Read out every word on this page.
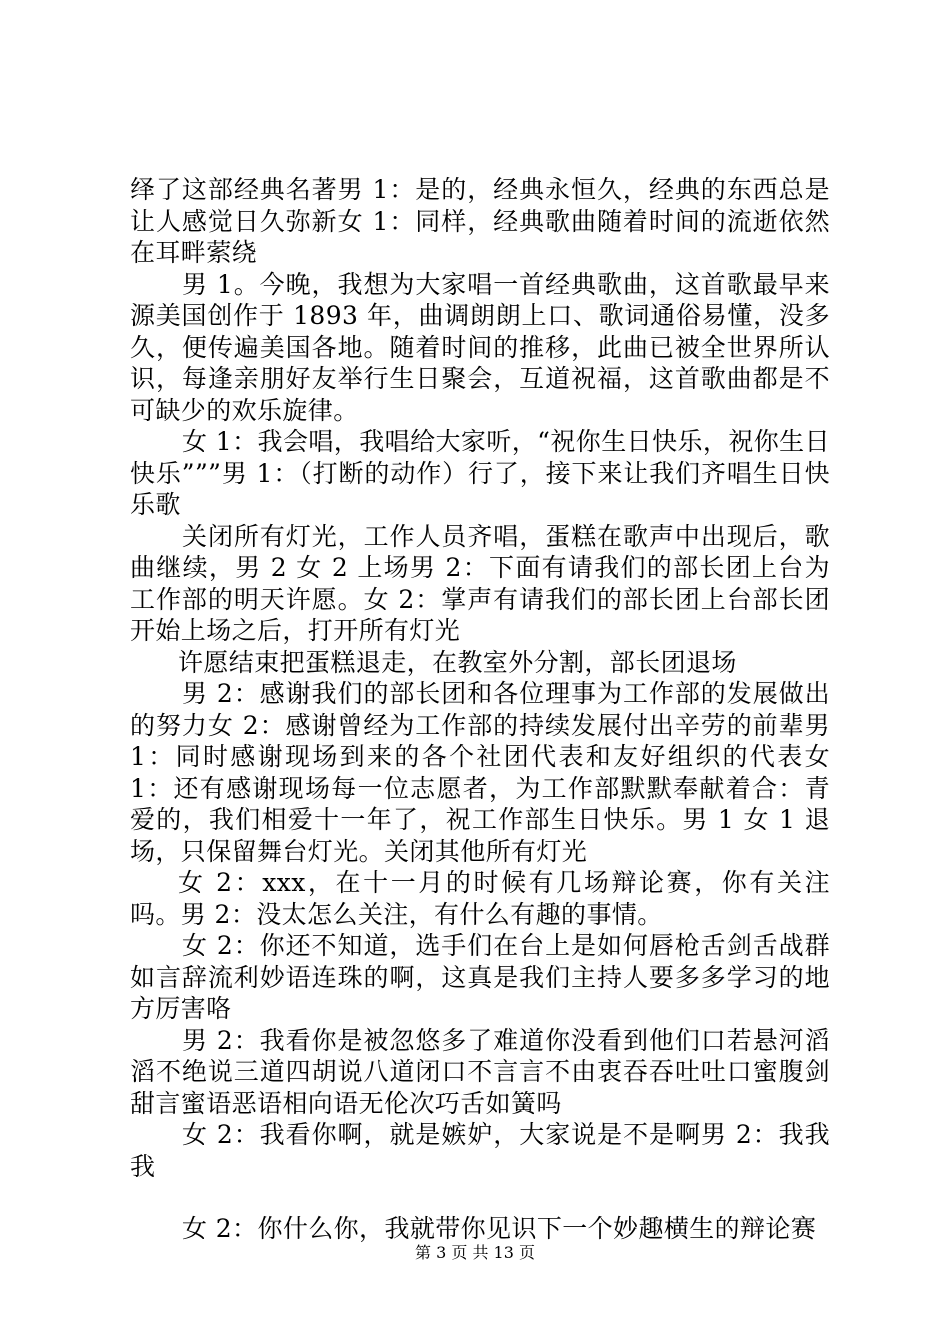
绎了这部经典名著男 1：是的，经典永恒久，经典的东西总是让人感觉日久弥新女 1：同样，经典歌曲随着时间的流逝依然在耳畔萦绕

男 1。今晚，我想为大家唱一首经典歌曲，这首歌最早来源美国创作于 1893 年，曲调朗朗上口、歌词通俗易懂，没多久，便传遍美国各地。随着时间的推移，此曲已被全世界所认识，每逢亲朋好友举行生日聚会，互道祝福，这首歌曲都是不可缺少的欢乐旋律。

女 1：我会唱，我唱给大家听，“祝你生日快乐，祝你生日快乐”””男 1：（打断的动作）行了，接下来让我们齐唱生日快乐歌

关闭所有灯光，工作人员齐唱，蛋糕在歌声中出现后，歌曲继续，男 2 女 2 上场男 2：下面有请我们的部长团上台为工作部的明天许愿。女 2：掌声有请我们的部长团上台部长团开始上场之后，打开所有灯光

许愿结束把蛋糕退走，在教室外分割，部长团退场

男 2：感谢我们的部长团和各位理事为工作部的发展做出的努力女 2：感谢曾经为工作部的持续发展付出辛劳的前辈男 1：同时感谢现场到来的各个社团代表和友好组织的代表女 1：还有感谢现场每一位志愿者，为工作部默默奉献着合：青爱的，我们相爱十一年了，祝工作部生日快乐。男 1 女 1 退场，只保留舞台灯光。关闭其他所有灯光

女 2：xxx，在十一月的时候有几场辩论赛，你有关注吗。男 2：没太怎么关注，有什么有趣的事情。

女 2：你还不知道，选手们在台上是如何唇枪舌剑舌战群如言辞流利妙语连珠的啊，这真是我们主持人要多多学习的地方厉害咯

男 2：我看你是被忽悠多了难道你没看到他们口若悬河滔滔不绝说三道四胡说八道闭口不言言不由衷吞吞吐吐口蜜腹剑甜言蜜语恶语相向语无伦次巧舌如簧吗

女 2：我看你啊，就是嫉妒，大家说是不是啊男 2：我我我

女 2：你什么你，我就带你见识下一个妙趣横生的辩论赛

第 3 页 共 13 页
